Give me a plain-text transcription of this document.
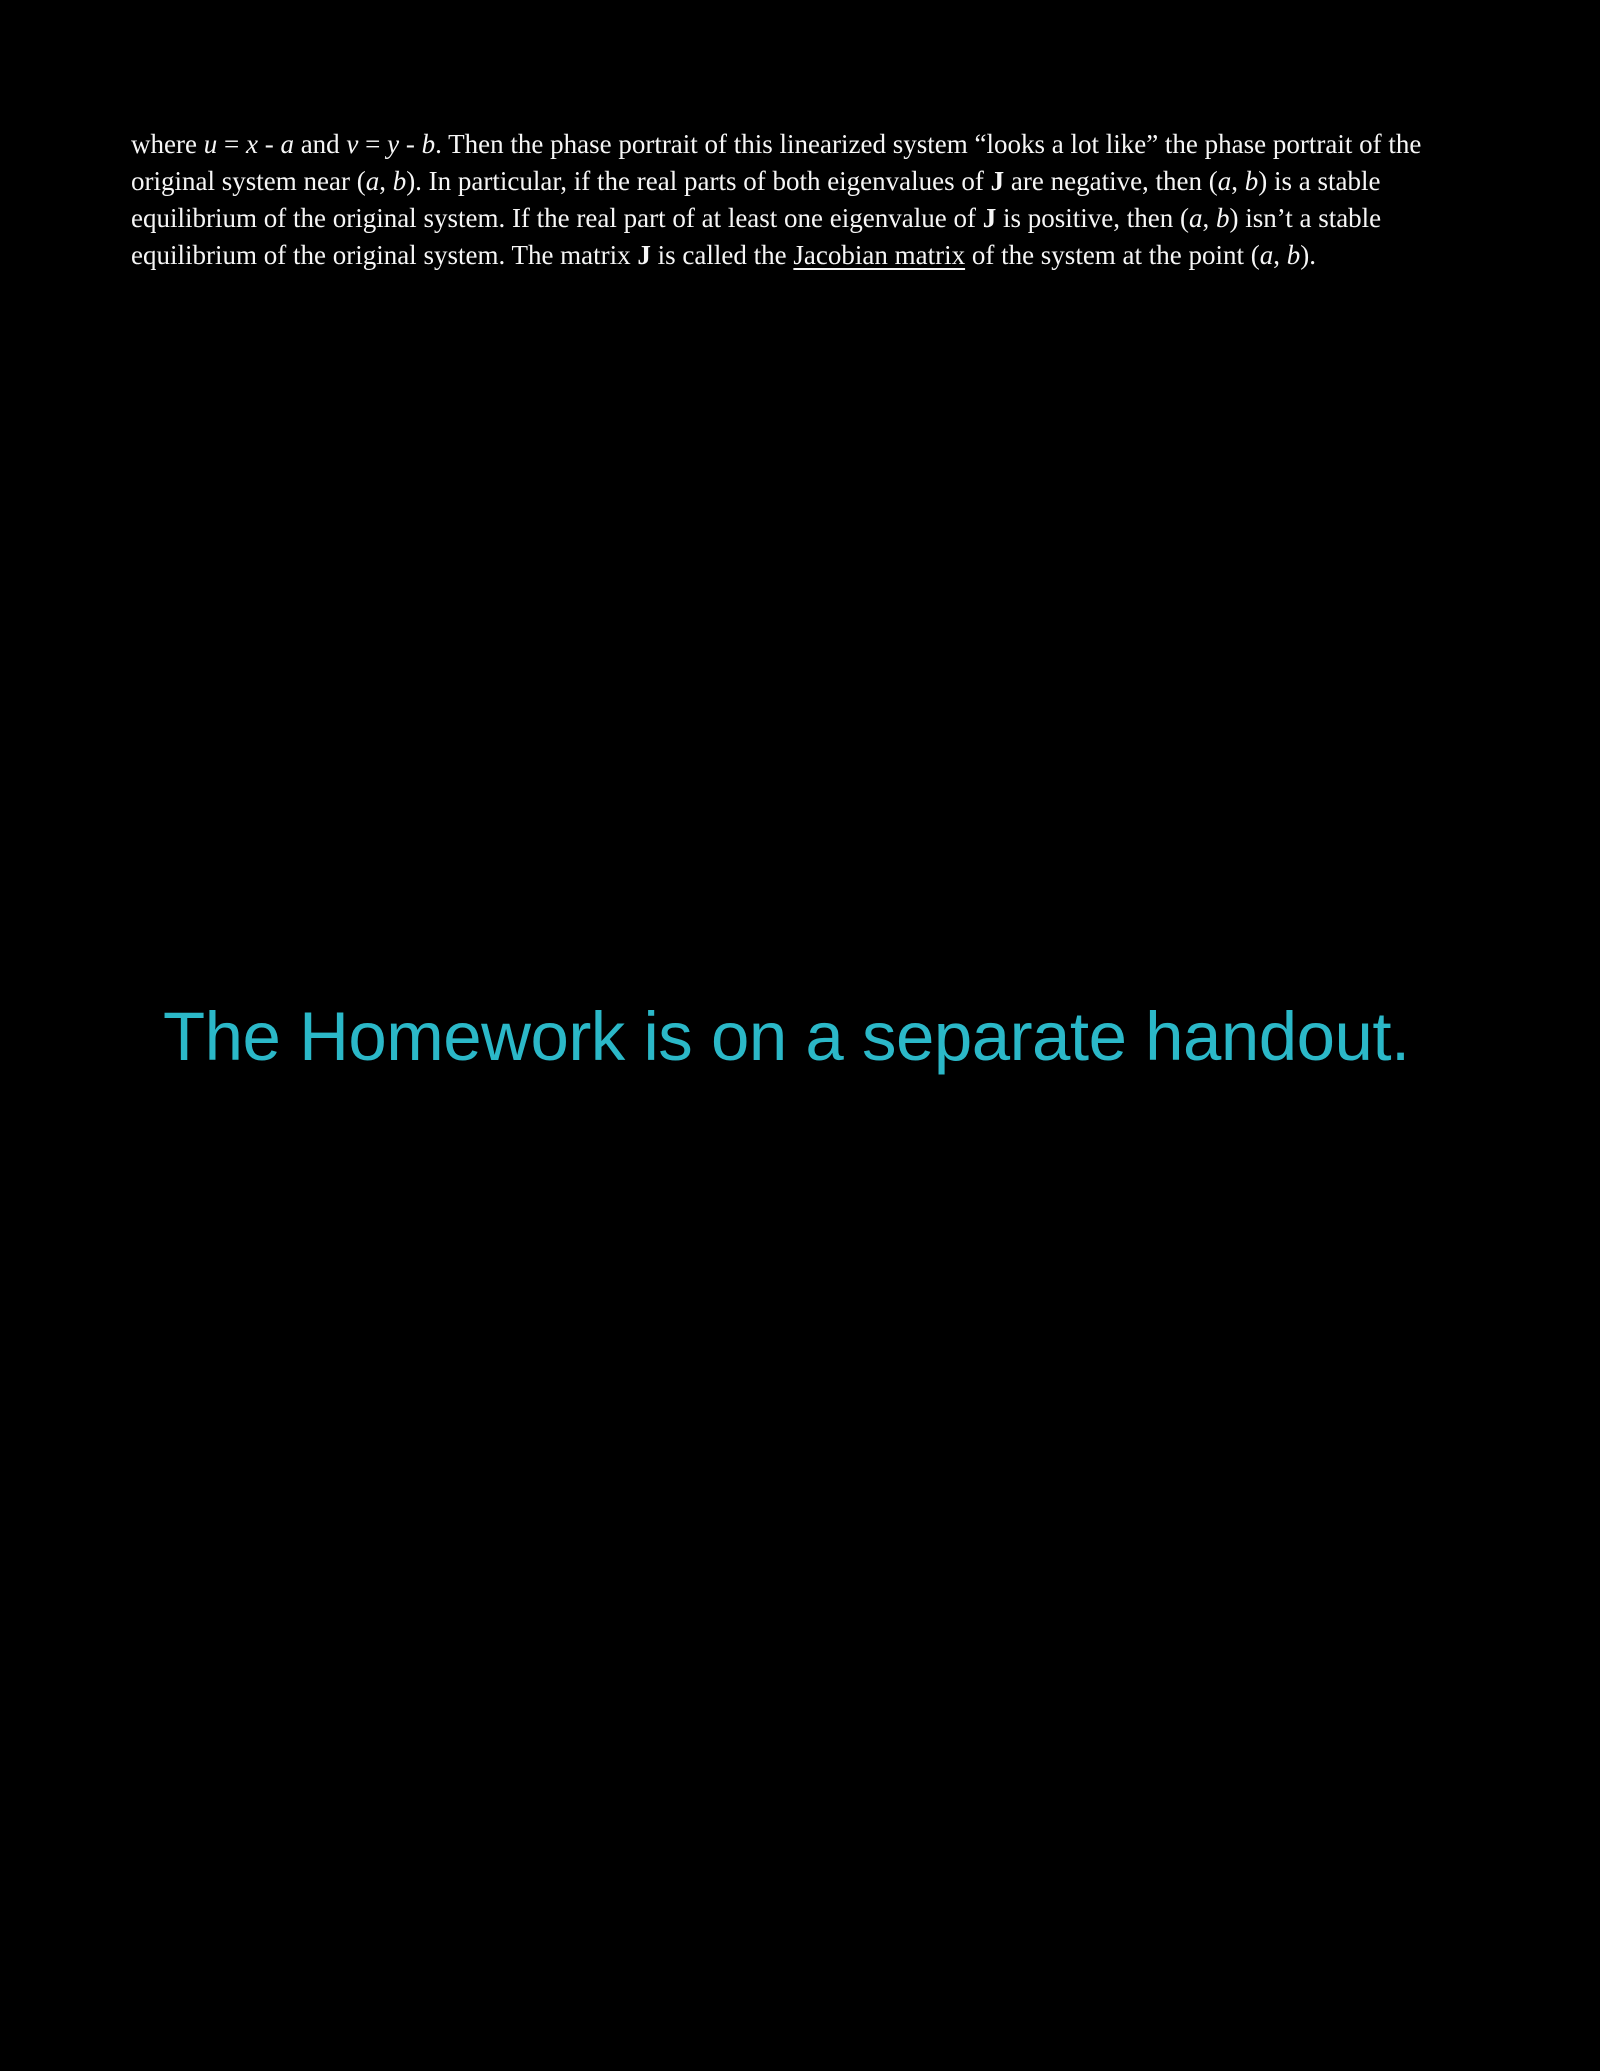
where u = x - a and v = y - b. Then the phase portrait of this linearized system “looks a lot like” the phase portrait of the original system near (a, b). In particular, if the real parts of both eigenvalues of J are negative, then (a, b) is a stable equilibrium of the original system. If the real part of at least one eigenvalue of J is positive, then (a, b) isn’t a stable equilibrium of the original system. The matrix J is called the Jacobian matrix of the system at the point (a, b).

The Homework is on a separate handout.
